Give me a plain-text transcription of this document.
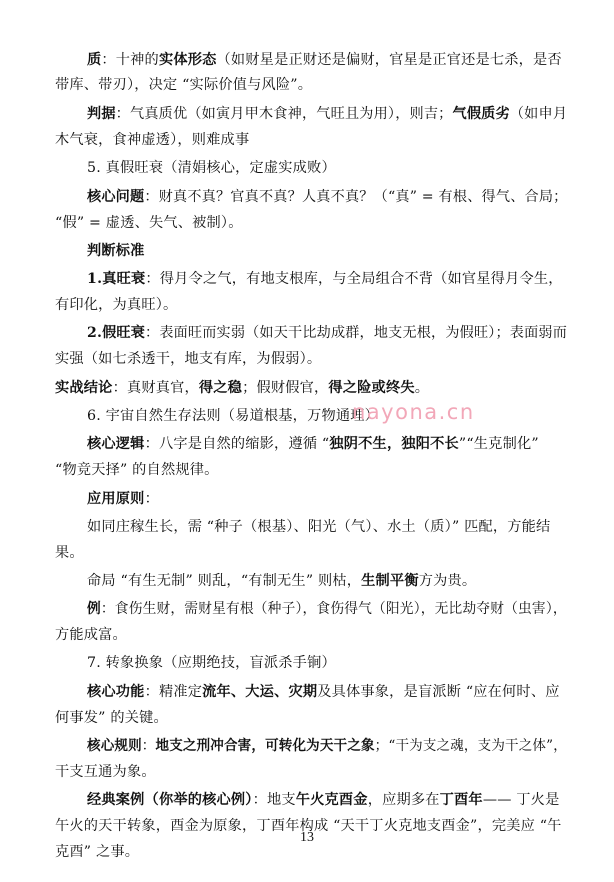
质：十神的实体形态（如财星是正财还是偏财，官星是正官还是七杀，是否
带库、带刃），决定 “实际价值与风险”。
判据：气真质优（如寅月甲木食神，气旺且为用），则吉；气假质劣（如申月
木气衰，食神虚透），则难成事
5. 真假旺衰（清娟核心，定虚实成败）
核心问题：财真不真？官真不真？人真不真？（“真” = 有根、得气、合局；
“假” = 虚透、失气、被制）。
判断标准
1.真旺衰：得月令之气，有地支根库，与全局组合不背（如官星得月令生，
有印化，为真旺）。
2.假旺衰：表面旺而实弱（如天干比劫成群，地支无根，为假旺）；表面弱而
实强（如七杀透干，地支有库，为假弱）。
实战结论：真财真官，得之稳；假财假官，得之险或终失。
6. 宇宙自然生存法则（易道根基，万物通理）
核心逻辑：八字是自然的缩影，遵循 “独阴不生，独阳不长”“生克制化”
“物竞天择” 的自然规律。
应用原则：
如同庄稼生长，需 “种子（根基）、阳光（气）、水土（质）” 匹配，方能结
果。
命局 “有生无制” 则乱，“有制无生” 则枯，生制平衡方为贵。
例：食伤生财，需财星有根（种子），食伤得气（阳光），无比劫夺财（虫害），
方能成富。
7. 转象换象（应期绝技，盲派杀手锏）
核心功能：精准定流年、大运、灾期及具体事象，是盲派断 “应在何时、应
何事发” 的关键。
核心规则：地支之刑冲合害，可转化为天干之象；“干为支之魂，支为干之体”，
干支互通为象。
经典案例（你举的核心例）：地支午火克酉金，应期多在丁酉年—— 丁火是
午火的天干转象，酉金为原象，丁酉年构成 “天干丁火克地支酉金”，完美应 “午
克酉” 之事。
nayona.cn
13
